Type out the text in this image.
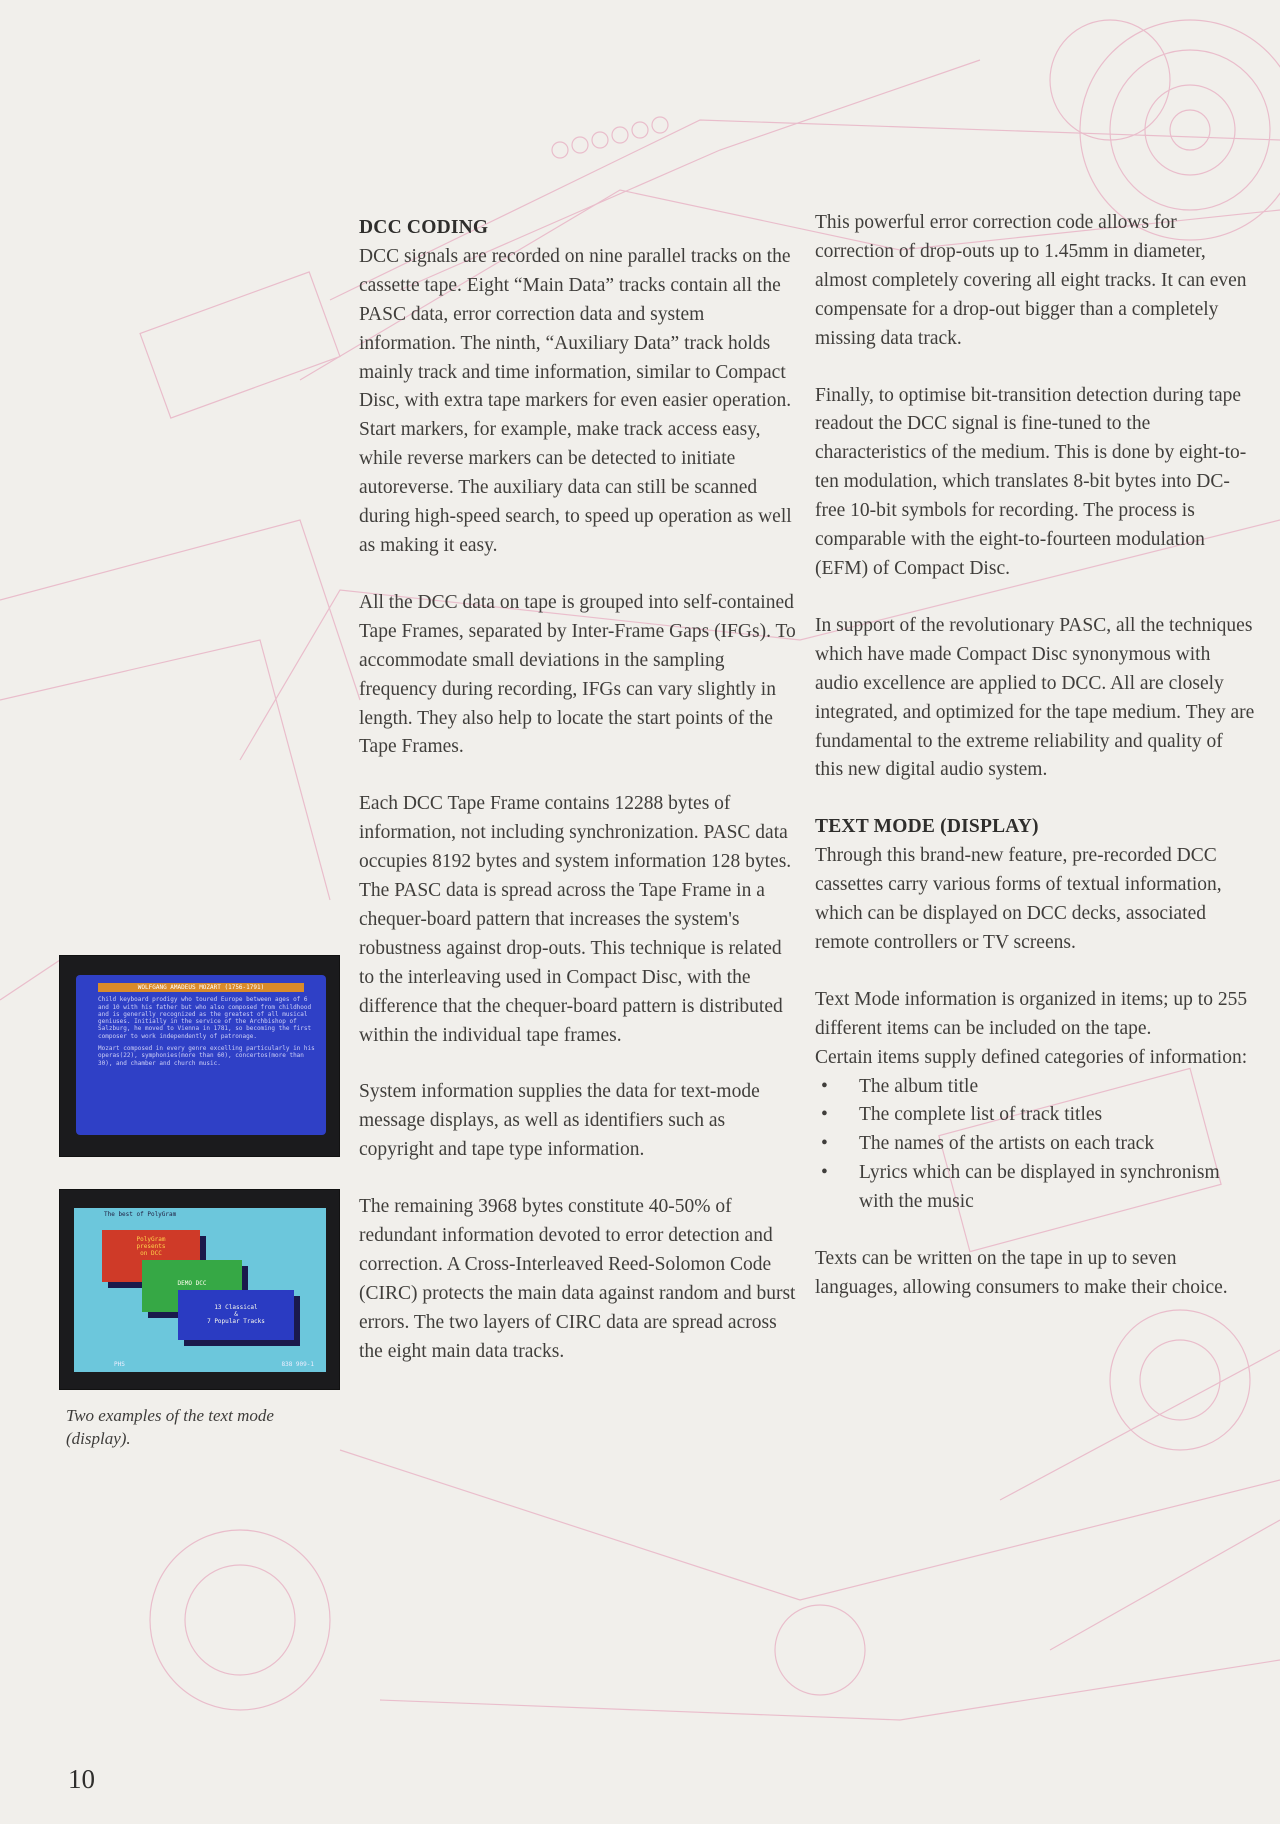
DCC CODING

DCC signals are recorded on nine parallel tracks on the cassette tape. Eight “Main Data” tracks contain all the PASC data, error correction data and system information. The ninth, “Auxiliary Data” track holds mainly track and time information, similar to Compact Disc, with extra tape markers for even easier operation. Start markers, for example, make track access easy, while reverse markers can be detected to initiate autoreverse. The auxiliary data can still be scanned during high-speed search, to speed up operation as well as making it easy.

All the DCC data on tape is grouped into self-contained Tape Frames, separated by Inter-Frame Gaps (IFGs). To accommodate small deviations in the sampling frequency during recording, IFGs can vary slightly in length. They also help to locate the start points of the Tape Frames.

Each DCC Tape Frame contains 12288 bytes of information, not including synchronization. PASC data occupies 8192 bytes and system information 128 bytes. The PASC data is spread across the Tape Frame in a chequer-board pattern that increases the system's robustness against drop-outs. This technique is related to the interleaving used in Compact Disc, with the difference that the chequer-board pattern is distributed within the individual tape frames.

System information supplies the data for text-mode message displays, as well as identifiers such as copyright and tape type information.

The remaining 3968 bytes constitute 40-50% of redundant information devoted to error detection and correction. A Cross-Interleaved Reed-Solomon Code (CIRC) protects the main data against random and burst errors. The two layers of CIRC data are spread across the eight main data tracks.

This powerful error correction code allows for correction of drop-outs up to 1.45mm in diameter, almost completely covering all eight tracks. It can even compensate for a drop-out bigger than a completely missing data track.

Finally, to optimise bit-transition detection during tape readout the DCC signal is fine-tuned to the characteristics of the medium. This is done by eight-to-ten modulation, which translates 8-bit bytes into DC-free 10-bit symbols for recording. The process is comparable with the eight-to-fourteen modulation (EFM) of Compact Disc.

In support of the revolutionary PASC, all the techniques which have made Compact Disc synonymous with audio excellence are applied to DCC. All are closely integrated, and optimized for the tape medium. They are fundamental to the extreme reliability and quality of this new digital audio system.

TEXT MODE (DISPLAY)

Through this brand-new feature, pre-recorded DCC cassettes carry various forms of textual information, which can be displayed on DCC decks, associated remote controllers or TV screens.

Text Mode information is organized in items; up to 255 different items can be included on the tape.

Certain items supply defined categories of information:

• The album title
• The complete list of track titles
• The names of the artists on each track
• Lyrics which can be displayed in synchronism with the music

Texts can be written on the tape in up to seven languages, allowing consumers to make their choice.

WOLFGANG AMADEUS MOZART (1756-1791)
Child keyboard prodigy who toured Europe between ages of 6 and 10 with his father but who also composed from childhood and is generally recognized as the greatest of all musical geniuses. Initially in the service of the Archbishop of Salzburg, he moved to Vienna in 1781, so becoming the first composer to work independently of patronage.
Mozart composed in every genre excelling particularly in his operas(22), symphonies(more than 60), concertos(more than 30), and chamber and church music.
The best of PolyGram
PolyGram
presents
on DCC
DEMO DCC
13 Classical
&
7 Popular Tracks
PHS	838 909-1
Two examples of the text mode (display).
10
